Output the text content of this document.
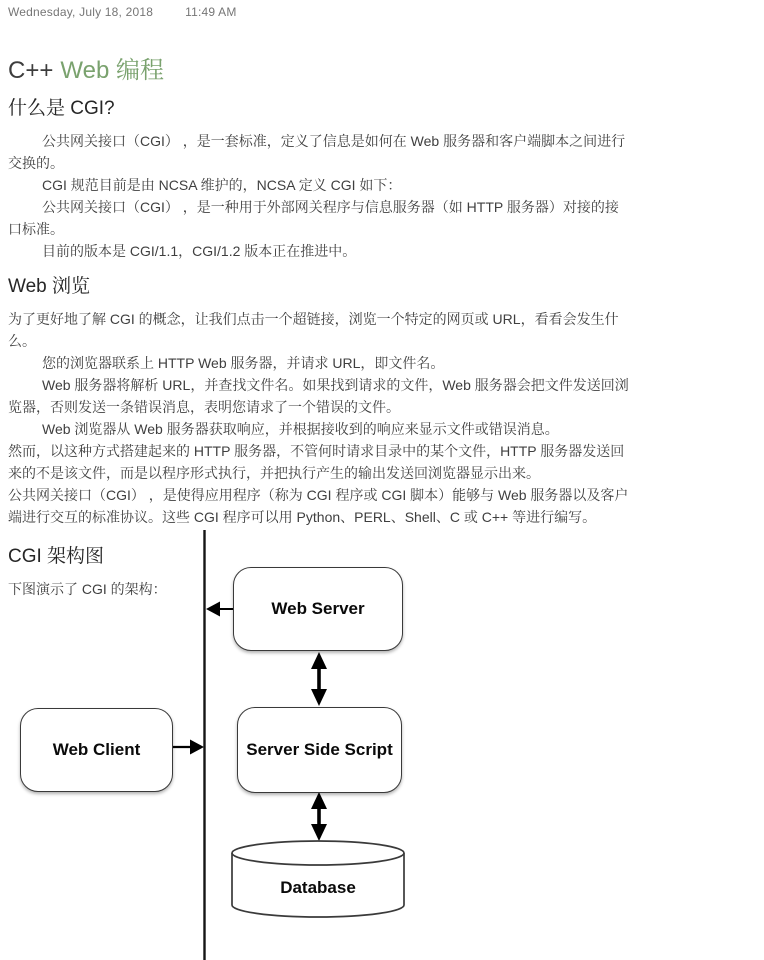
Wednesday, July 18, 2018	11:49 AM
C++ Web 编程
什么是 CGI?

公共网关接口（CGI） ，是一套标准，定义了信息是如何在 Web 服务器和客户端脚本之间进行交换的。

CGI 规范目前是由 NCSA 维护的，NCSA 定义 CGI 如下：

公共网关接口（CGI） ，是一种用于外部网关程序与信息服务器（如 HTTP 服务器）对接的接口标准。

目前的版本是 CGI/1.1，CGI/1.2 版本正在推进中。

Web 浏览

为了更好地了解 CGI 的概念，让我们点击一个超链接，浏览一个特定的网页或 URL，看看会发生什么。

您的浏览器联系上 HTTP Web 服务器，并请求 URL，即文件名。

Web 服务器将解析 URL，并查找文件名。如果找到请求的文件，Web 服务器会把文件发送回浏览器，否则发送一条错误消息，表明您请求了一个错误的文件。

Web 浏览器从 Web 服务器获取响应，并根据接收到的响应来显示文件或错误消息。

然而，以这种方式搭建起来的 HTTP 服务器，不管何时请求目录中的某个文件，HTTP 服务器发送回来的不是该文件，而是以程序形式执行，并把执行产生的输出发送回浏览器显示出来。

公共网关接口（CGI） ，是使得应用程序（称为 CGI 程序或 CGI 脚本）能够与 Web 服务器以及客户端进行交互的标准协议。这些 CGI 程序可以用 Python、PERL、Shell、C 或 C++ 等进行编写。

CGI 架构图

下图演示了 CGI 的架构：

Web Server
Web Client	Server Side Script
Database
